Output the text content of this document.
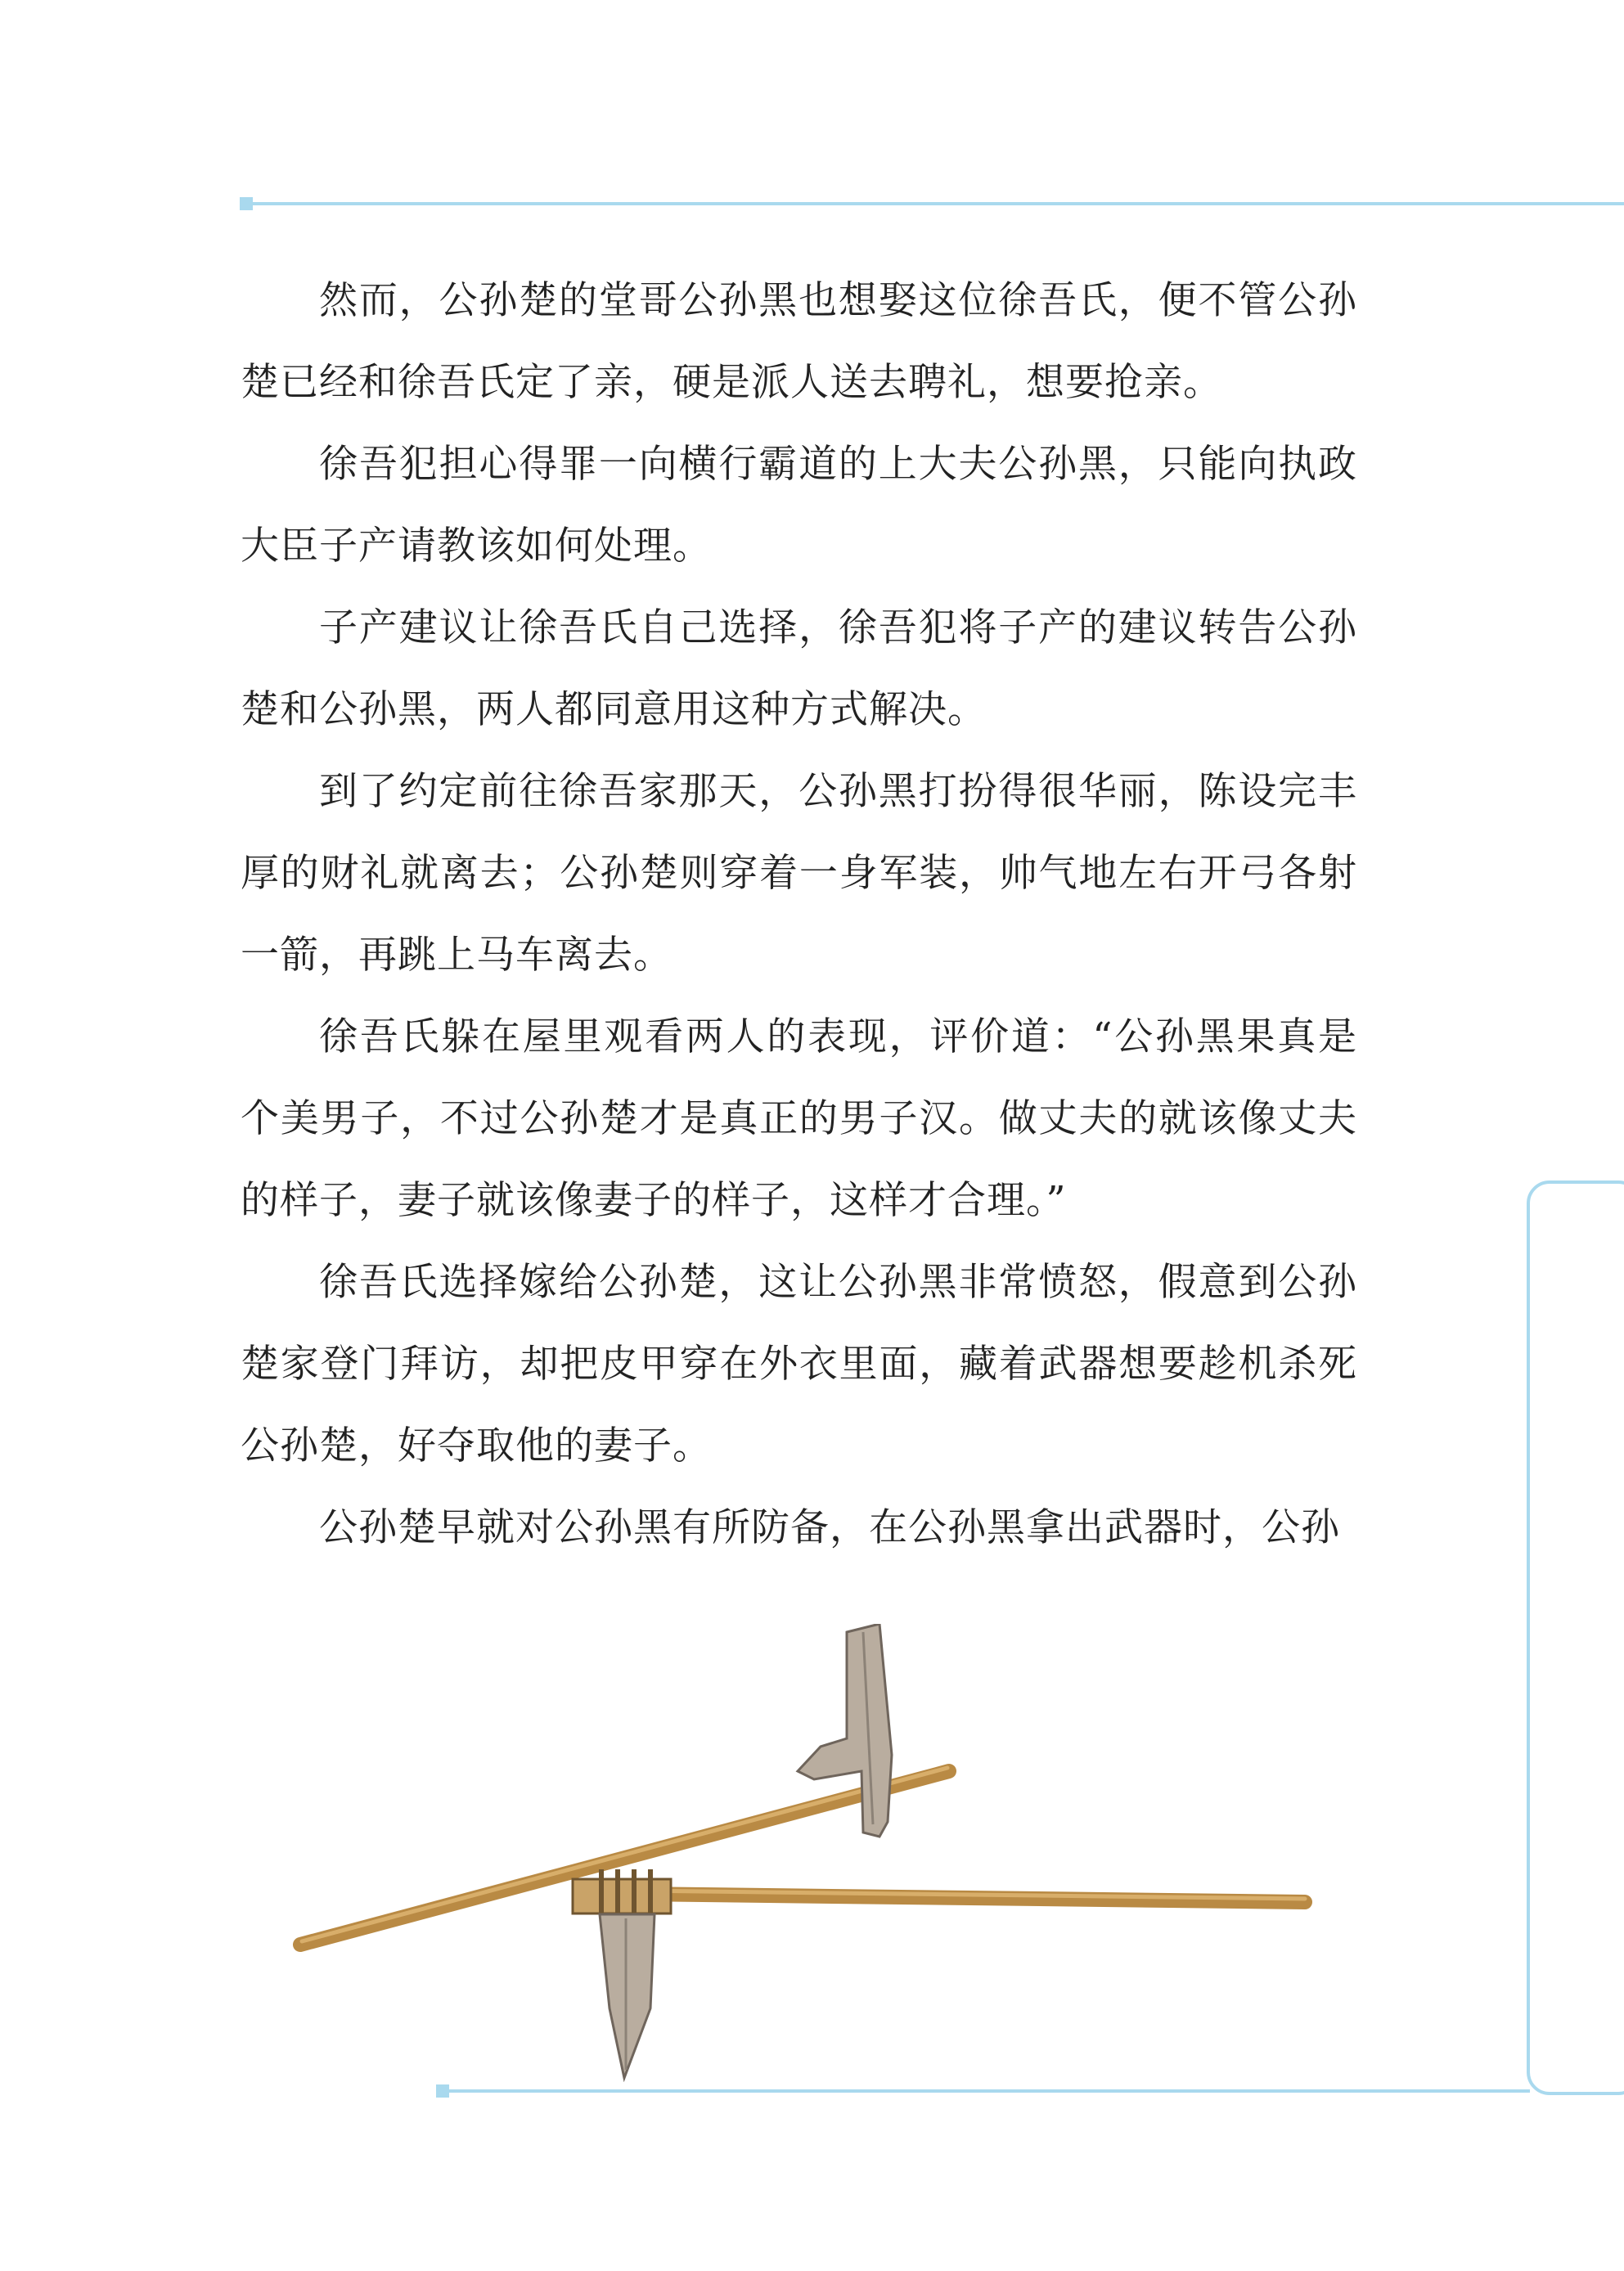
然而，公孙楚的堂哥公孙黑也想娶这位徐吾氏，便不管公孙楚已经和徐吾氏定了亲，硬是派人送去聘礼，想要抢亲。

徐吾犯担心得罪一向横行霸道的上大夫公孙黑，只能向执政大臣子产请教该如何处理。

子产建议让徐吾氏自己选择，徐吾犯将子产的建议转告公孙楚和公孙黑，两人都同意用这种方式解决。

到了约定前往徐吾家那天，公孙黑打扮得很华丽，陈设完丰厚的财礼就离去；公孙楚则穿着一身军装，帅气地左右开弓各射一箭，再跳上马车离去。

徐吾氏躲在屋里观看两人的表现，评价道：“公孙黑果真是个美男子，不过公孙楚才是真正的男子汉。做丈夫的就该像丈夫的样子，妻子就该像妻子的样子，这样才合理。”

徐吾氏选择嫁给公孙楚，这让公孙黑非常愤怒，假意到公孙楚家登门拜访，却把皮甲穿在外衣里面，藏着武器想要趁机杀死公孙楚，好夺取他的妻子。

公孙楚早就对公孙黑有所防备，在公孙黑拿出武器时，公孙
